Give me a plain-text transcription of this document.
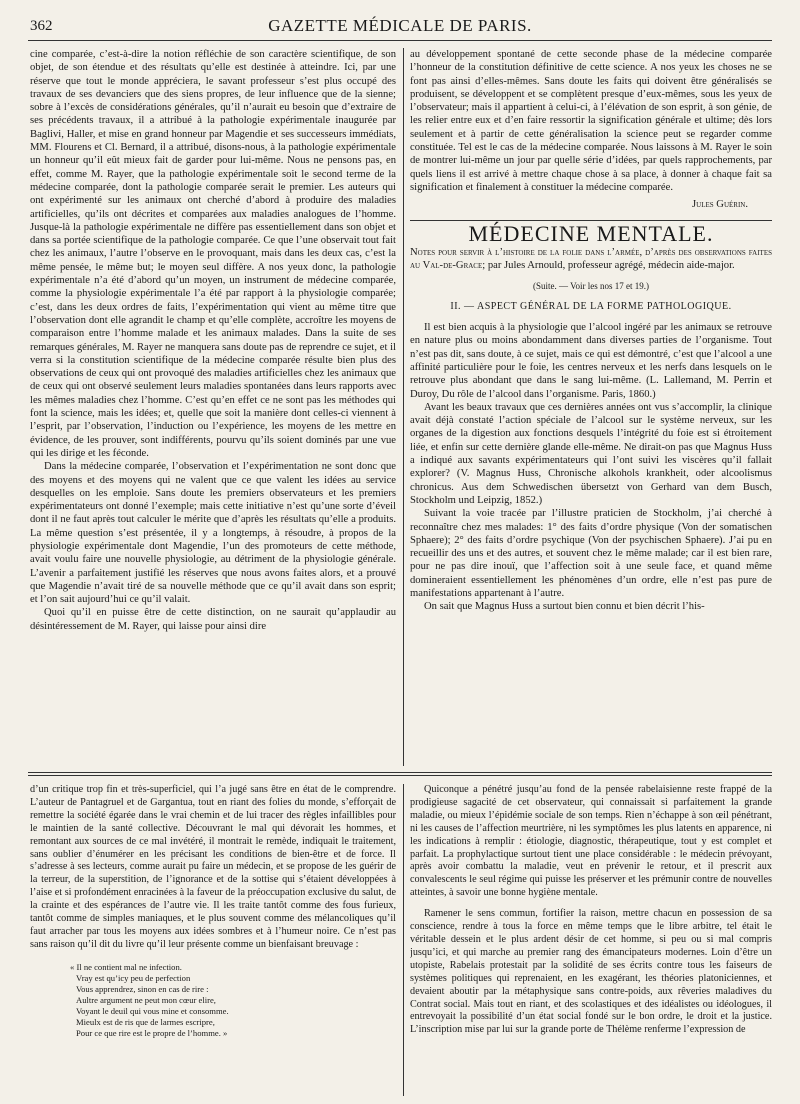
362	GAZETTE MÉDICALE DE PARIS.

cine comparée, c’est-à-dire la notion réfléchie de son caractère scientifique, de son objet, de son étendue et des résultats qu’elle est destinée à atteindre. Ici, par une réserve que tout le monde appréciera, le savant professeur s’est plus occupé des travaux de ses devanciers que des siens propres, de leur influence que de la sienne; sobre à l’excès de considérations générales, qu’il n’aurait eu besoin que d’extraire de ses précédents travaux, il a attribué à la pathologie expérimentale inaugurée par Baglivi, Haller, et mise en grand honneur par Magendie et ses successeurs immédiats, MM. Flourens et Cl. Bernard, il a attribué, disons-nous, à la pathologie expérimentale un honneur qu’il eût mieux fait de garder pour lui-même. Nous ne pensons pas, en effet, comme M. Rayer, que la pathologie expérimentale soit le second terme de la médecine comparée, dont la pathologie comparée serait le premier. Les auteurs qui ont expérimenté sur les animaux ont cherché d’abord à produire des maladies artificielles, qu’ils ont décrites et comparées aux maladies analogues de l’homme. Jusque-là la pathologie expérimentale ne diffère pas essentiellement dans son objet et dans sa portée scientifique de la pathologie comparée. Ce que l’une observait tout fait chez les animaux, l’autre l’observe en le provoquant, mais dans les deux cas, c’est la même pensée, le même but; le moyen seul diffère. A nos yeux donc, la pathologie expérimentale n’a été d’abord qu’un moyen, un instrument de médecine comparée, comme la physiologie expérimentale l’a été par rapport à la physiologie comparée; c’est, dans les deux ordres de faits, l’expérimentation qui vient au même titre que l’observation dont elle agrandit le champ et qu’elle complète, accroître les moyens de comparaison entre l’homme malade et les animaux malades. Dans la suite de ses remarques générales, M. Rayer ne manquera sans doute pas de reprendre ce sujet, et il verra si la constitution scientifique de la médecine comparée résulte bien plus des observations de ceux qui ont provoqué des maladies artificielles chez les animaux que de ceux qui ont observé seulement leurs maladies spontanées dans leurs rapports avec les mêmes maladies chez l’homme. C’est qu’en effet ce ne sont pas les méthodes qui font la science, mais les idées; et, quelle que soit la manière dont celles-ci viennent à l’esprit, par l’observation, l’induction ou l’expérience, les moyens de les mettre en évidence, de les prouver, sont indifférents, pourvu qu’ils soient dominés par une vue qui les dirige et les féconde.

Dans la médecine comparée, l’observation et l’expérimentation ne sont donc que des moyens et des moyens qui ne valent que ce que valent les idées au service desquelles on les emploie. Sans doute les premiers observateurs et les premiers expérimentateurs ont donné l’exemple; mais cette initiative n’est qu’une sorte d’éveil dont il ne faut après tout calculer le mérite que d’après les résultats qu’elle a produits. La même question s’est présentée, il y a longtemps, à résoudre, à propos de la physiologie expérimentale dont Magendie, l’un des promoteurs de cette méthode, avait voulu faire une nouvelle physiologie, au détriment de la physiologie générale. L’avenir a parfaitement justifié les réserves que nous avons faites alors, et a prouvé que Magendie n’avait tiré de sa nouvelle méthode que ce qu’il avait dans son esprit; et l’on sait aujourd’hui ce qu’il valait.

Quoi qu’il en puisse être de cette distinction, on ne saurait qu’applaudir au désintéressement de M. Rayer, qui laisse pour ainsi dire

au développement spontané de cette seconde phase de la médecine comparée l’honneur de la constitution définitive de cette science. A nos yeux les choses ne se font pas ainsi d’elles-mêmes. Sans doute les faits qui doivent être généralisés se produisent, se développent et se complètent presque d’eux-mêmes, sous les yeux de l’observateur; mais il appartient à celui-ci, à l’élévation de son esprit, à son génie, de les relier entre eux et d’en faire ressortir la signification générale et ultime; dès lors seulement et à partir de cette généralisation la science peut se regarder comme constituée. Tel est le cas de la médecine comparée. Nous laissons à M. Rayer le soin de montrer lui-même un jour par quelle série d’idées, par quels rapprochements, par quels liens il est arrivé à mettre chaque chose à sa place, à donner à chaque fait sa signification et finalement à constituer la médecine comparée.

Jules Guérin.

MÉDECINE MENTALE.

Notes pour servir à l’histoire de la folie dans l’armée, d’après des observations faites au Val-de-Grace; par Jules Arnould, professeur agrégé, médecin aide-major.

(Suite. — Voir les nos 17 et 19.)

II. — ASPECT GÉNÉRAL DE LA FORME PATHOLOGIQUE.

Il est bien acquis à la physiologie que l’alcool ingéré par les animaux se retrouve en nature plus ou moins abondamment dans diverses parties de l’organisme. Tout n’est pas dit, sans doute, à ce sujet, mais ce qui est démontré, c’est que l’alcool a une affinité particulière pour le foie, les centres nerveux et les nerfs dans lesquels on le retrouve plus abondant que dans le sang lui-même. (L. Lallemand, M. Perrin et Duroy, Du rôle de l’alcool dans l’organisme. Paris, 1860.)

Avant les beaux travaux que ces dernières années ont vus s’accomplir, la clinique avait déjà constaté l’action spéciale de l’alcool sur le système nerveux, sur les organes de la digestion aux fonctions desquels l’intégrité du foie est si étroitement liée, et enfin sur cette dernière glande elle-même. Ne dirait-on pas que Magnus Huss a indiqué aux savants expérimentateurs qui l’ont suivi les viscères qu’il fallait explorer? (V. Magnus Huss, Chronische alkohols krankheit, oder alcoolismus chronicus. Aus dem Schwedischen übersetzt von Gerhard van dem Busch, Stockholm und Leipzig, 1852.)

Suivant la voie tracée par l’illustre praticien de Stockholm, j’ai cherché à reconnaître chez mes malades: 1° des faits d’ordre physique (Von der somatischen Sphaere); 2° des faits d’ordre psychique (Von der psychischen Sphaere). J’ai pu en recueillir des uns et des autres, et souvent chez le même malade; car il est bien rare, pour ne pas dire inouï, que l’affection soit à une seule face, et quand même domineraient essentiellement les phénomènes d’un ordre, elle n’est pas pure de manifestations appartenant à l’autre.

On sait que Magnus Huss a surtout bien connu et bien décrit l’his-

d’un critique trop fin et très-superficiel, qui l’a jugé sans être en état de le comprendre. L’auteur de Pantagruel et de Gargantua, tout en riant des folies du monde, s’efforçait de remettre la société égarée dans le vrai chemin et de lui tracer des règles infaillibles pour le maintien de la santé collective. Découvrant le mal qui dévorait les hommes, et remontant aux sources de ce mal invétéré, il montrait le remède, indiquait le traitement, sans oublier d’énumérer en les précisant les conditions de bien-être et de force. Il s’adresse à ses lecteurs, comme aurait pu faire un médecin, et se propose de les guérir de la terreur, de la superstition, de l’ignorance et de la sottise qui s’étaient développées à l’aise et si profondément enracinées à la faveur de la préoccupation exclusive du salut, de la crainte et des espérances de l’autre vie. Il les traite tantôt comme des fous furieux, tantôt comme de simples maniaques, et le plus souvent comme des mélancoliques qu’il faut arracher par tous les moyens aux idées sombres et à l’humeur noire. Ce n’est pas sans raison qu’il dit du livre qu’il leur présente comme un bienfaisant breuvage :

« Il ne contient mal ne infection.
Vray est qu’icy peu de perfection
Vous apprendrez, sinon en cas de rire :
Aultre argument ne peut mon cœur elire,
Voyant le deuil qui vous mine et consomme.
Mieulx est de ris que de larmes escripre,
Pour ce que rire est le propre de l’homme. »

Quiconque a pénétré jusqu’au fond de la pensée rabelaisienne reste frappé de la prodigieuse sagacité de cet observateur, qui connaissait si parfaitement la grande maladie, ou mieux l’épidémie sociale de son temps. Rien n’échappe à son œil pénétrant, ni les causes de l’affection meurtrière, ni les symptômes les plus latents en apparence, ni les indications à remplir : étiologie, diagnostic, thérapeutique, tout y est complet et parfait. La prophylactique surtout tient une place considérable : le médecin prévoyant, après avoir combattu la maladie, veut en prévenir le retour, et il prescrit aux convalescents le seul régime qui puisse les préserver et les prémunir contre de nouvelles atteintes, à savoir une bonne hygiène mentale.

Ramener le sens commun, fortifier la raison, mettre chacun en possession de sa conscience, rendre à tous la force en même temps que le libre arbitre, tel était le véritable dessein et le plus ardent désir de cet homme, si peu ou si mal compris jusqu’ici, et qui marche au premier rang des émancipateurs modernes. Loin d’être un utopiste, Rabelais protestait par la solidité de ses écrits contre tous les faiseurs de systèmes politiques qui reprenaient, en les exagérant, les théories platoniciennes, et devaient aboutir par la métaphysique sans contre-poids, aux rêveries maladives du Contrat social. Mais tout en riant, et des scolastiques et des idéalistes ou idéologues, il entrevoyait la possibilité d’un état social fondé sur le bon ordre, le droit et la justice. L’inscription mise par lui sur la grande porte de Thélème renferme l’expression de
